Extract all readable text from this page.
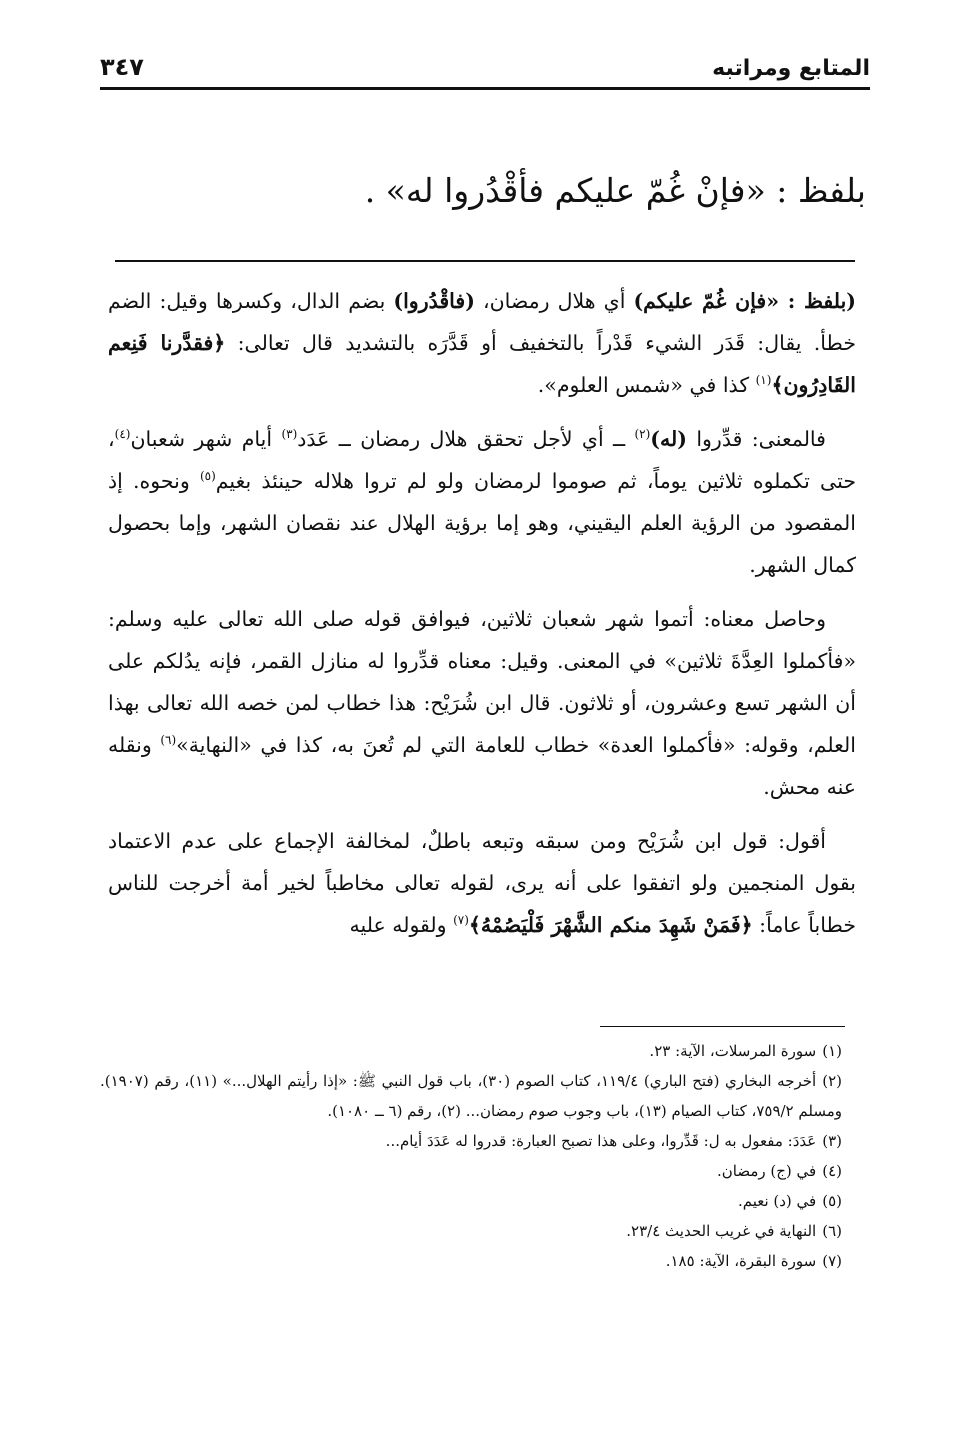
المتابع ومراتبه
٣٤٧
بلفظ : «فإنْ غُمّ عليكم فأقْدُروا له» .

(بلفظ : «فإن غُمّ عليكم) أي هلال رمضان، (فاقْدُروا) بضم الدال، وكسرها وقيل: الضم خطأ. يقال: قَدَر الشيء قَدْراً بالتخفيف أو قَدَّرَه بالتشديد قال تعالى: ﴿فقدَّرنا فَنِعم القَادِرُون﴾$^{(١)}$ كذا في «شمس العلوم».

فالمعنى: قدِّروا (له)$^{(٢)}$ ــ أي لأجل تحقق هلال رمضان ــ عَدَد$^{(٣)}$ أيام شهر شعبان$^{(٤)}$، حتى تكملوه ثلاثين يوماً، ثم صوموا لرمضان ولو لم تروا هلاله حينئذ بغيم$^{(٥)}$ ونحوه. إذ المقصود من الرؤية العلم اليقيني، وهو إما برؤية الهلال عند نقصان الشهر، وإما بحصول كمال الشهر.

وحاصل معناه: أتموا شهر شعبان ثلاثين، فيوافق قوله صلى الله تعالى عليه وسلم: «فأكملوا العِدَّةَ ثلاثين» في المعنى. وقيل: معناه قدِّروا له منازل القمر، فإنه يدُلكم على أن الشهر تسع وعشرون، أو ثلاثون. قال ابن شُرَيْح: هذا خطاب لمن خصه الله تعالى بهذا العلم، وقوله: «فأكملوا العدة» خطاب للعامة التي لم تُعنَ به، كذا في «النهاية»$^{(٦)}$ ونقله عنه محش.

أقول: قول ابن شُرَيْح ومن سبقه وتبعه باطلٌ، لمخالفة الإجماع على عدم الاعتماد بقول المنجمين ولو اتفقوا على أنه يرى، لقوله تعالى مخاطباً لخير أمة أخرجت للناس خطاباً عاماً: ﴿فَمَنْ شَهِدَ منكم الشَّهْرَ فَلْيَصُمْهُ﴾$^{(٧)}$ ولقوله عليه

(١)سورة المرسلات، الآية: ٢٣.

(٢)أخرجه البخاري (فتح الباري) ١١٩/٤، كتاب الصوم (٣٠)، باب قول النبي ﷺ: «إذا رأيتم الهلال...» (١١)، رقم (١٩٠٧). ومسلم ٧٥٩/٢، كتاب الصيام (١٣)، باب وجوب صوم رمضان... (٢)، رقم (٦ ــ ١٠٨٠).

(٣)عَدَدَ: مفعول به ل: قَدِّروا، وعلى هذا تصبح العبارة: قدروا له عَدَدَ أيام...

(٤)في (ج) رمضان.

(٥)في (د) نعيم.

(٦)النهاية في غريب الحديث ٢٣/٤.

(٧)سورة البقرة، الآية: ١٨٥.
